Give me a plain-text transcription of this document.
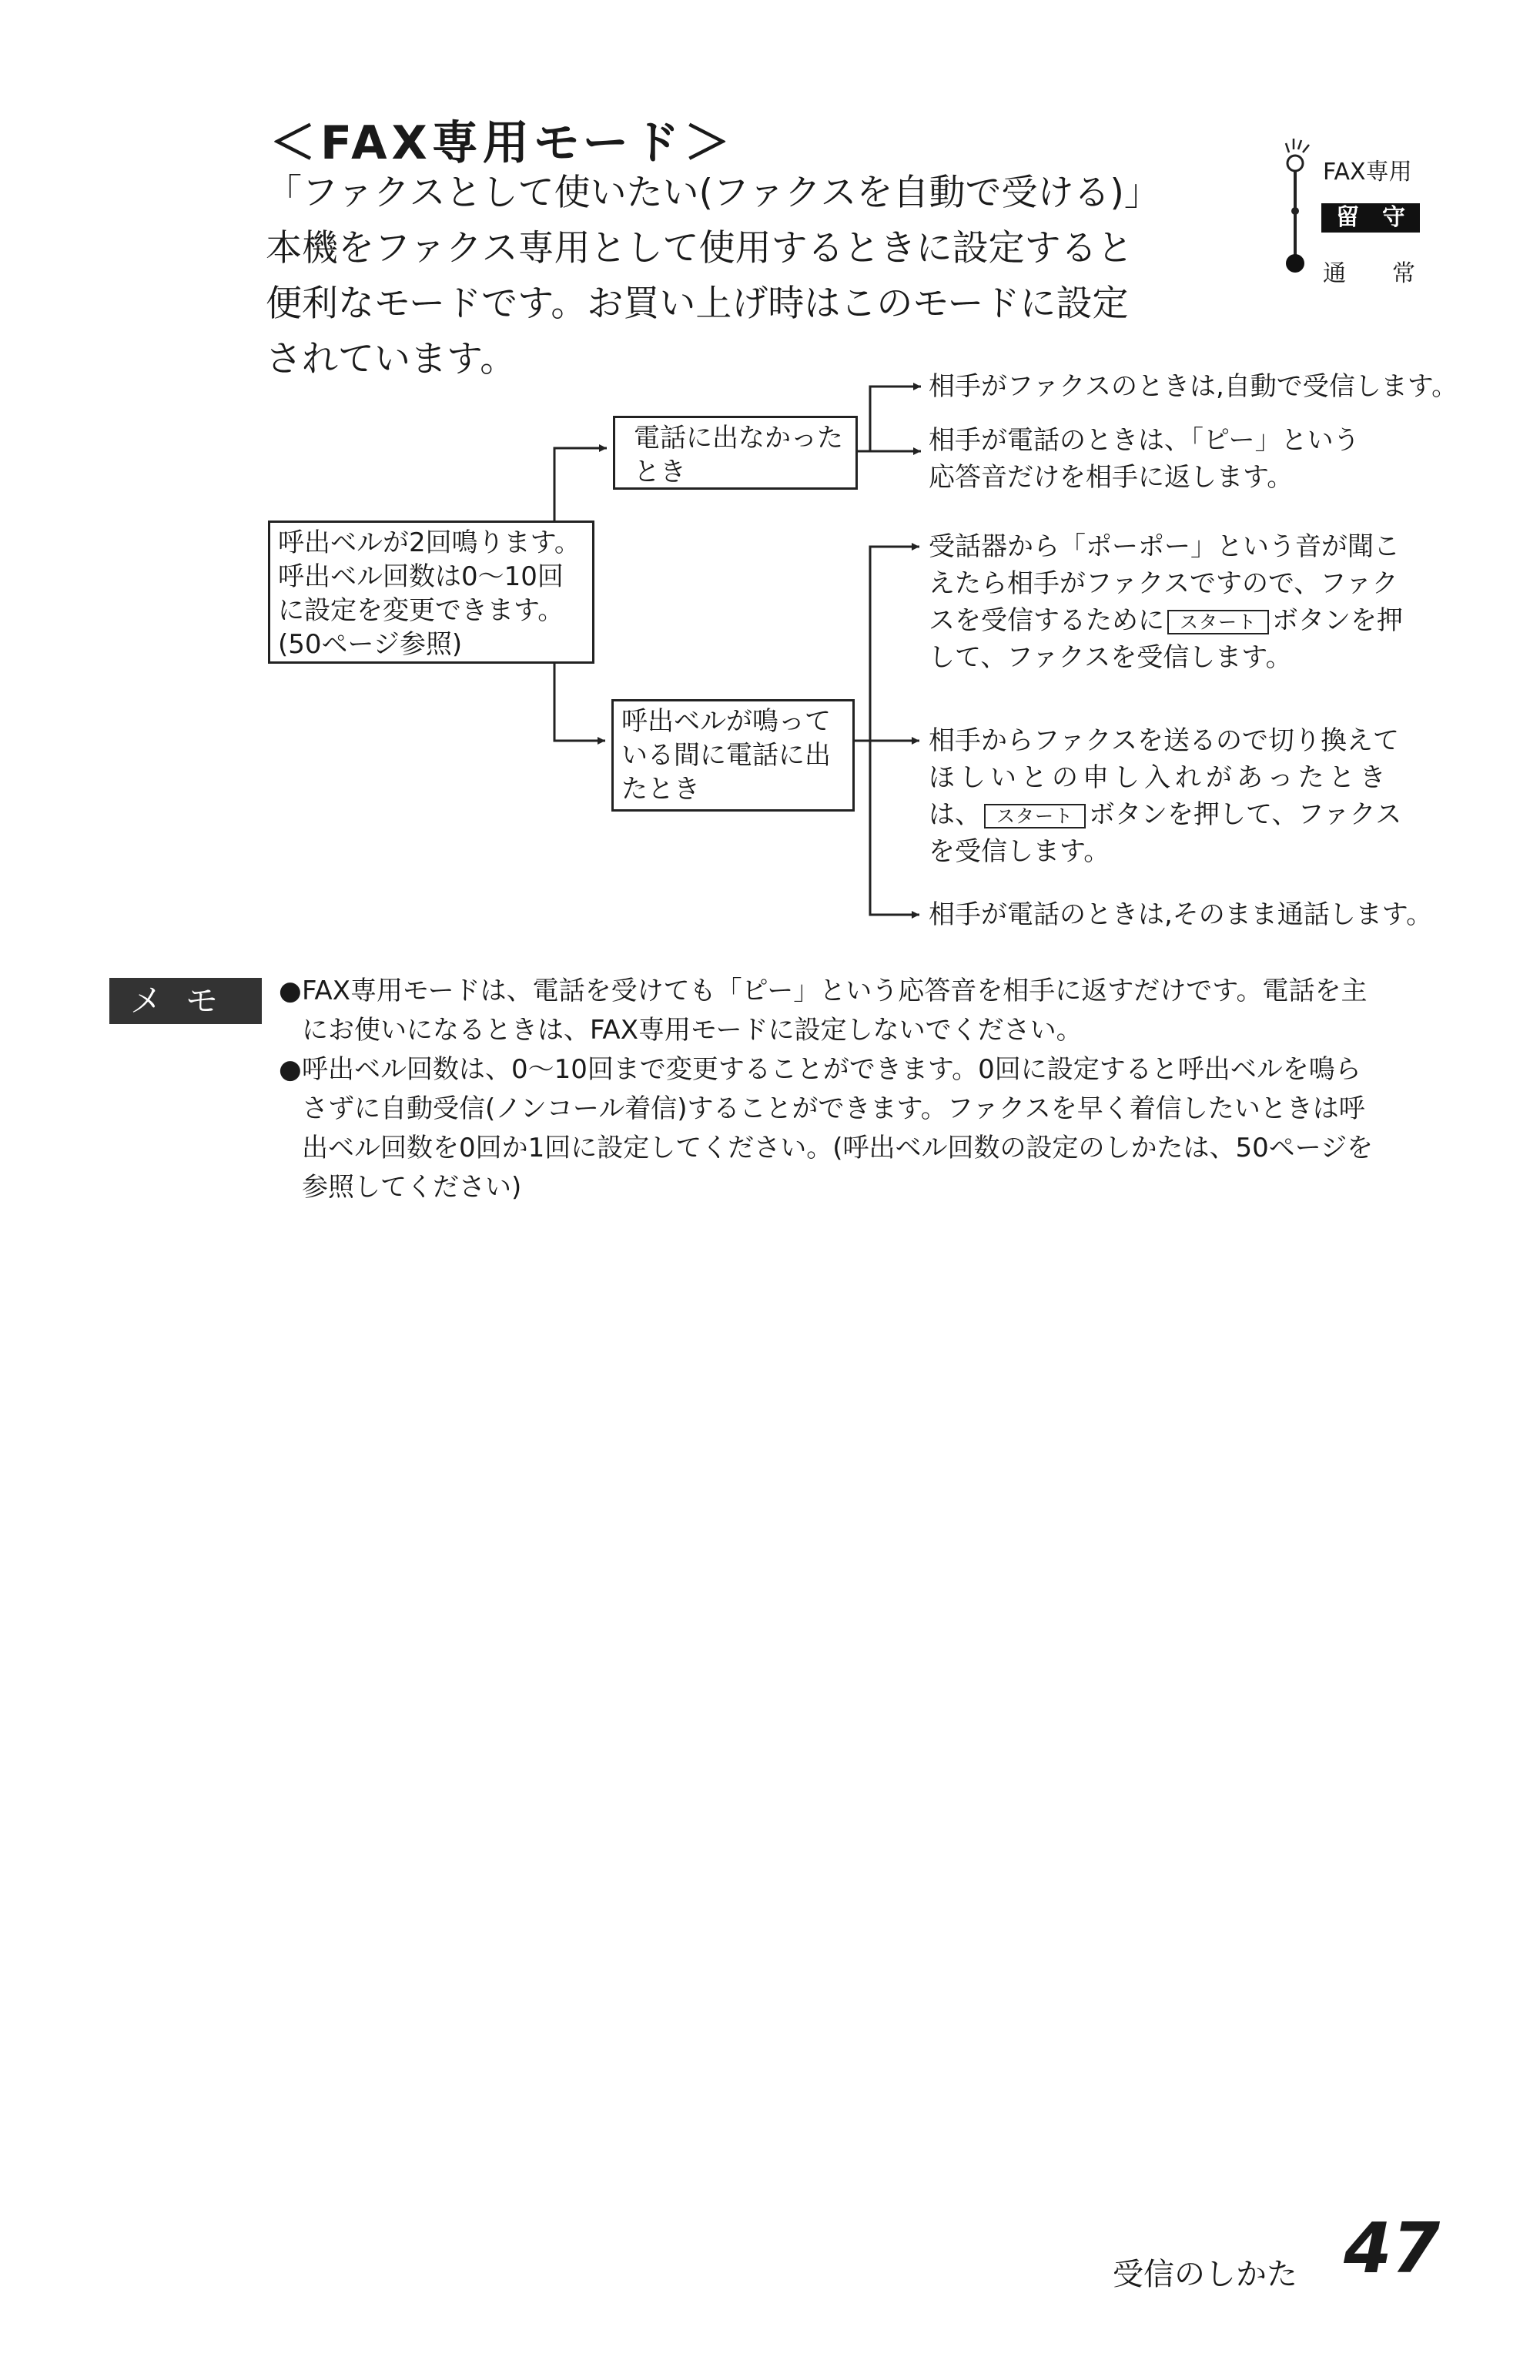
＜FAX専用モード＞
「ファクスとして使いたい(ファクスを自動で受ける)」
本機をファクス専用として使用するときに設定すると
便利なモードです。お買い上げ時はこのモードに設定
されています。
FAX専用
留　守
通　　常
呼出ベルが2回鳴ります。
呼出ベル回数は0～10回
に設定を変更できます。
(50ページ参照)
電話に出なかった
とき
呼出ベルが鳴って
いる間に電話に出
たとき
相手がファクスのときは,自動で受信します。
相手が電話のときは、「ピー」という
応答音だけを相手に返します。
受話器から「ポーポー」という音が聞こ
えたら相手がファクスですので、ファク
スを受信するために スタート ボタンを押
して、ファクスを受信します。
相手からファクスを送るので切り換えて
ほしいとの申し入れがあったとき
は、 スタート ボタンを押して、ファクス
を受信します。
相手が電話のときは,そのまま通話します。
メモ	●FAX専用モードは、電話を受けても「ピー」という応答音を相手に返すだけです。電話を主
にお使いになるときは、FAX専用モードに設定しないでください。
●呼出ベル回数は、0～10回まで変更することができます。0回に設定すると呼出ベルを鳴ら
さずに自動受信(ノンコール着信)することができます。ファクスを早く着信したいときは呼
出ベル回数を0回か1回に設定してください。(呼出ベル回数の設定のしかたは、50ページを
参照してください)
受信のしかた 47
